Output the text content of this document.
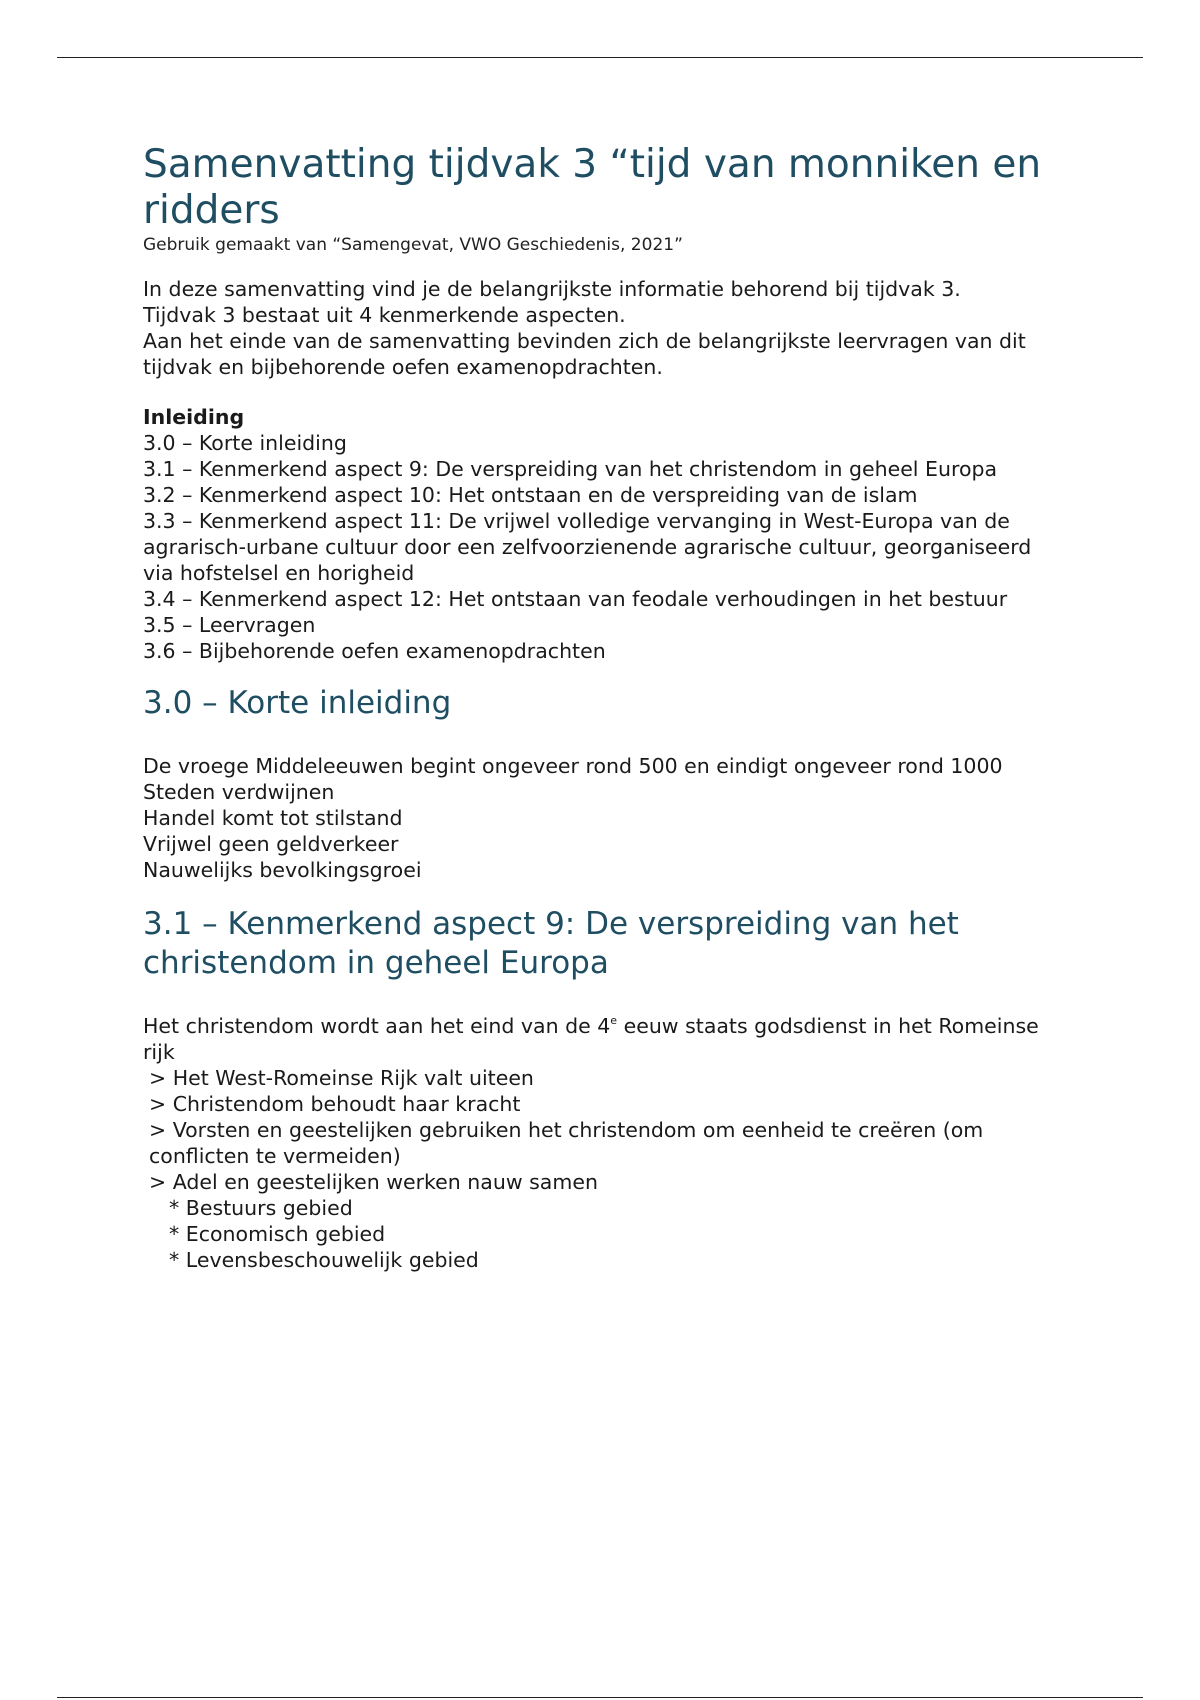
Samenvatting tijdvak 3 “tijd van monniken en ridders

Gebruik gemaakt van “Samengevat, VWO Geschiedenis, 2021”

In deze samenvatting vind je de belangrijkste informatie behorend bij tijdvak 3.
Tijdvak 3 bestaat uit 4 kenmerkende aspecten.
Aan het einde van de samenvatting bevinden zich de belangrijkste leervragen van dit tijdvak en bijbehorende oefen examenopdrachten.
Inleiding
3.0 – Korte inleiding
3.1 – Kenmerkend aspect 9: De verspreiding van het christendom in geheel Europa
3.2 – Kenmerkend aspect 10: Het ontstaan en de verspreiding van de islam
3.3 – Kenmerkend aspect 11: De vrijwel volledige vervanging in West-Europa van de agrarisch-urbane cultuur door een zelfvoorzienende agrarische cultuur, georganiseerd via hofstelsel en horigheid
3.4 – Kenmerkend aspect 12: Het ontstaan van feodale verhoudingen in het bestuur
3.5 – Leervragen
3.6 – Bijbehorende oefen examenopdrachten
3.0 – Korte inleiding
De vroege Middeleeuwen begint ongeveer rond 500 en eindigt ongeveer rond 1000
Steden verdwijnen
Handel komt tot stilstand
Vrijwel geen geldverkeer
Nauwelijks bevolkingsgroei
3.1 – Kenmerkend aspect 9: De verspreiding van het christendom in geheel Europa
Het christendom wordt aan het eind van de 4e eeuw staats godsdienst in het Romeinse rijk
> Het West-Romeinse Rijk valt uiteen
> Christendom behoudt haar kracht
> Vorsten en geestelijken gebruiken het christendom om eenheid te creëren (om conflicten te vermeiden)
> Adel en geestelijken werken nauw samen
* Bestuurs gebied
* Economisch gebied
* Levensbeschouwelijk gebied
